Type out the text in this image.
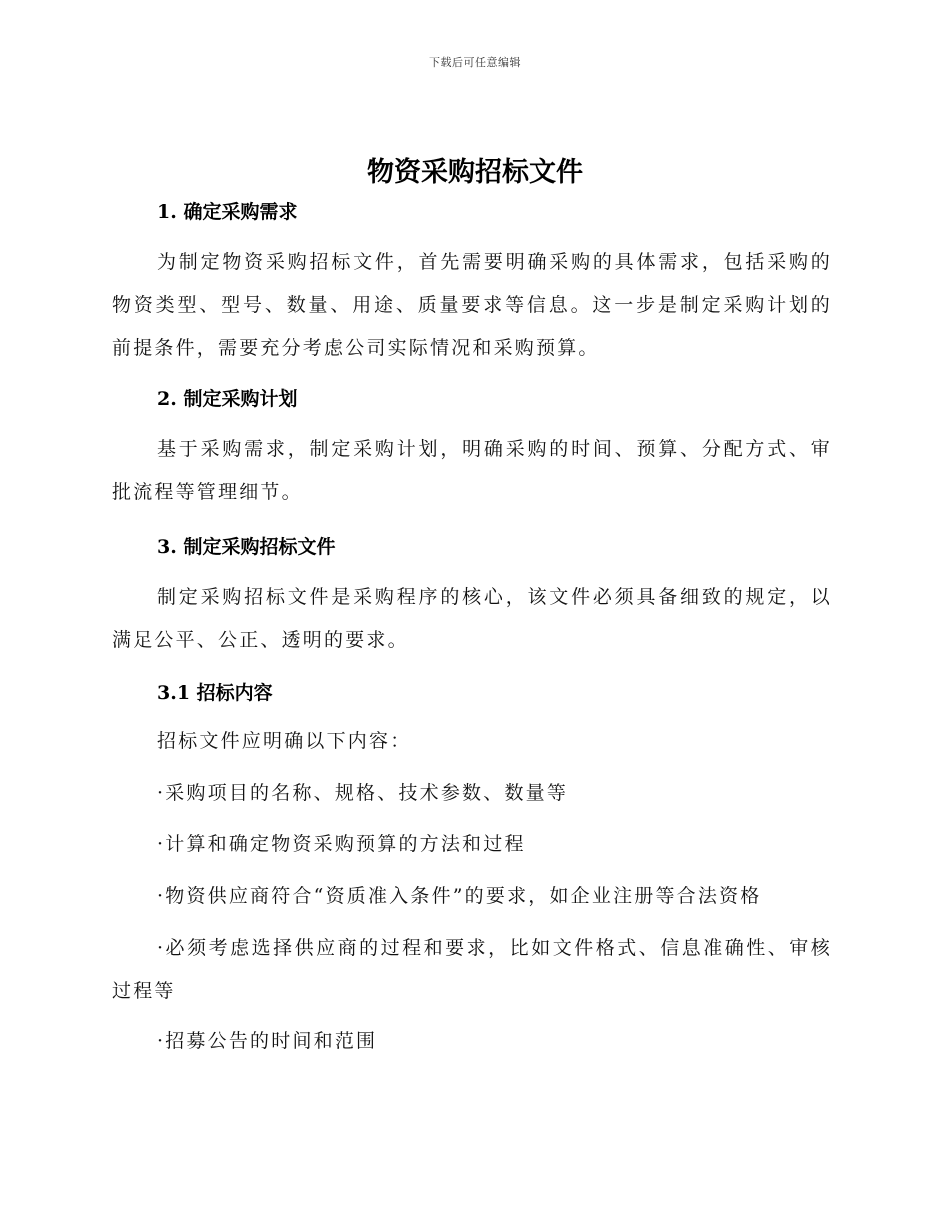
下载后可任意编辑
物资采购招标文件
1. 确定采购需求
为制定物资采购招标文件，首先需要明确采购的具体需求，包括采购的物资类型、型号、数量、用途、质量要求等信息。这一步是制定采购计划的前提条件，需要充分考虑公司实际情况和采购预算。
2. 制定采购计划
基于采购需求，制定采购计划，明确采购的时间、预算、分配方式、审批流程等管理细节。
3. 制定采购招标文件
制定采购招标文件是采购程序的核心，该文件必须具备细致的规定，以满足公平、公正、透明的要求。
3.1 招标内容
招标文件应明确以下内容：
·采购项目的名称、规格、技术参数、数量等
·计算和确定物资采购预算的方法和过程
·物资供应商符合“资质准入条件”的要求，如企业注册等合法资格
·必须考虑选择供应商的过程和要求，比如文件格式、信息准确性、审核过程等
·招募公告的时间和范围
